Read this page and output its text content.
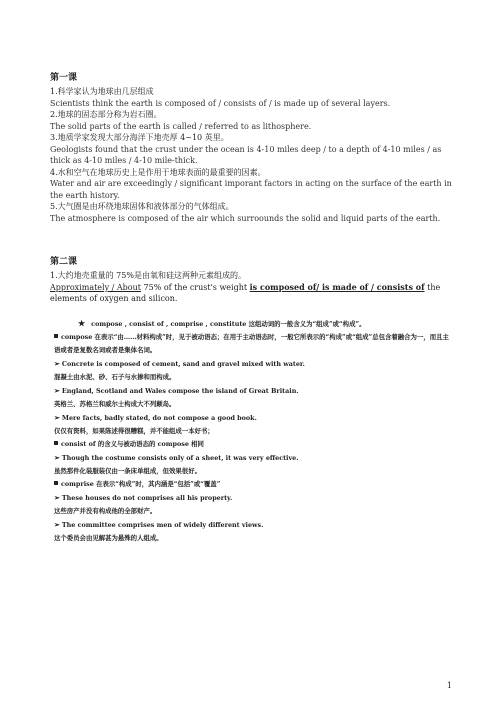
第一课

1.科学家认为地球由几层组成

Scientists think the earth is composed of / consists of / is made up of several layers.

2.地球的固态部分称为岩石圈。

The solid parts of the earth is called / referred to as lithosphere.

3.地质学家发现大部分海洋下地壳厚 4~10 英里。

Geologists found that the crust under the ocean is 4-10 miles deep / to a depth of 4-10 miles / as thick as 4-10 miles / 4-10 mile-thick.

4.水和空气在地球历史上是作用于地球表面的最重要的因素。

Water and air are exceedingly / significant imporant factors in acting on the surface of the earth in the earth history.

5.大气圈是由环绕地球固体和液体部分的气体组成。

The atmosphere is composed of the air which surroounds the solid and liquid parts of the earth.

第二课

1.大约地壳重量的 75%是由氧和硅这两种元素组成的。

Approximately / About 75% of the crust's weight is composed of/ is made of / consists of the elements of oxygen and silicon.

★ compose , consist of , comprise , constitute 这组动词的一般含义为“组成”或“构成”。

compose 在表示“由……材料构成”时，见于被动语态；在用于主动语态时，一般它所表示的“构成”或“组成”总包含着融合为一，而且主语或者是复数名词或者是集体名词。

➢ Concrete is composed of cement, sand and gravel mixed with water.

混凝土由水泥、砂、石子与水掺和而构成。

➢ England, Scotland and Wales compose the island of Great Britain.

英格兰、苏格兰和威尔士构成大不列颠岛。

➢ Mere facts, badly stated, do not compose a good book.

仅仅有资料，如果陈述得很糟糕，并不能组成一本好书；

consist of 的含义与被动语态的 compose 相同

➢ Though the costume consists only of a sheet, it was very effective.

虽然那件化装服装仅由一条床单组成，但效果很好。

comprise 在表示“构成”时，其内涵是“包括”或“覆盖”

➢ These houses do not comprises all his property.

这些房产并没有构成他的全部财产。

➢ The committee comprises men of widely different views.

这个委员会由见解甚为悬殊的人组成。

1
